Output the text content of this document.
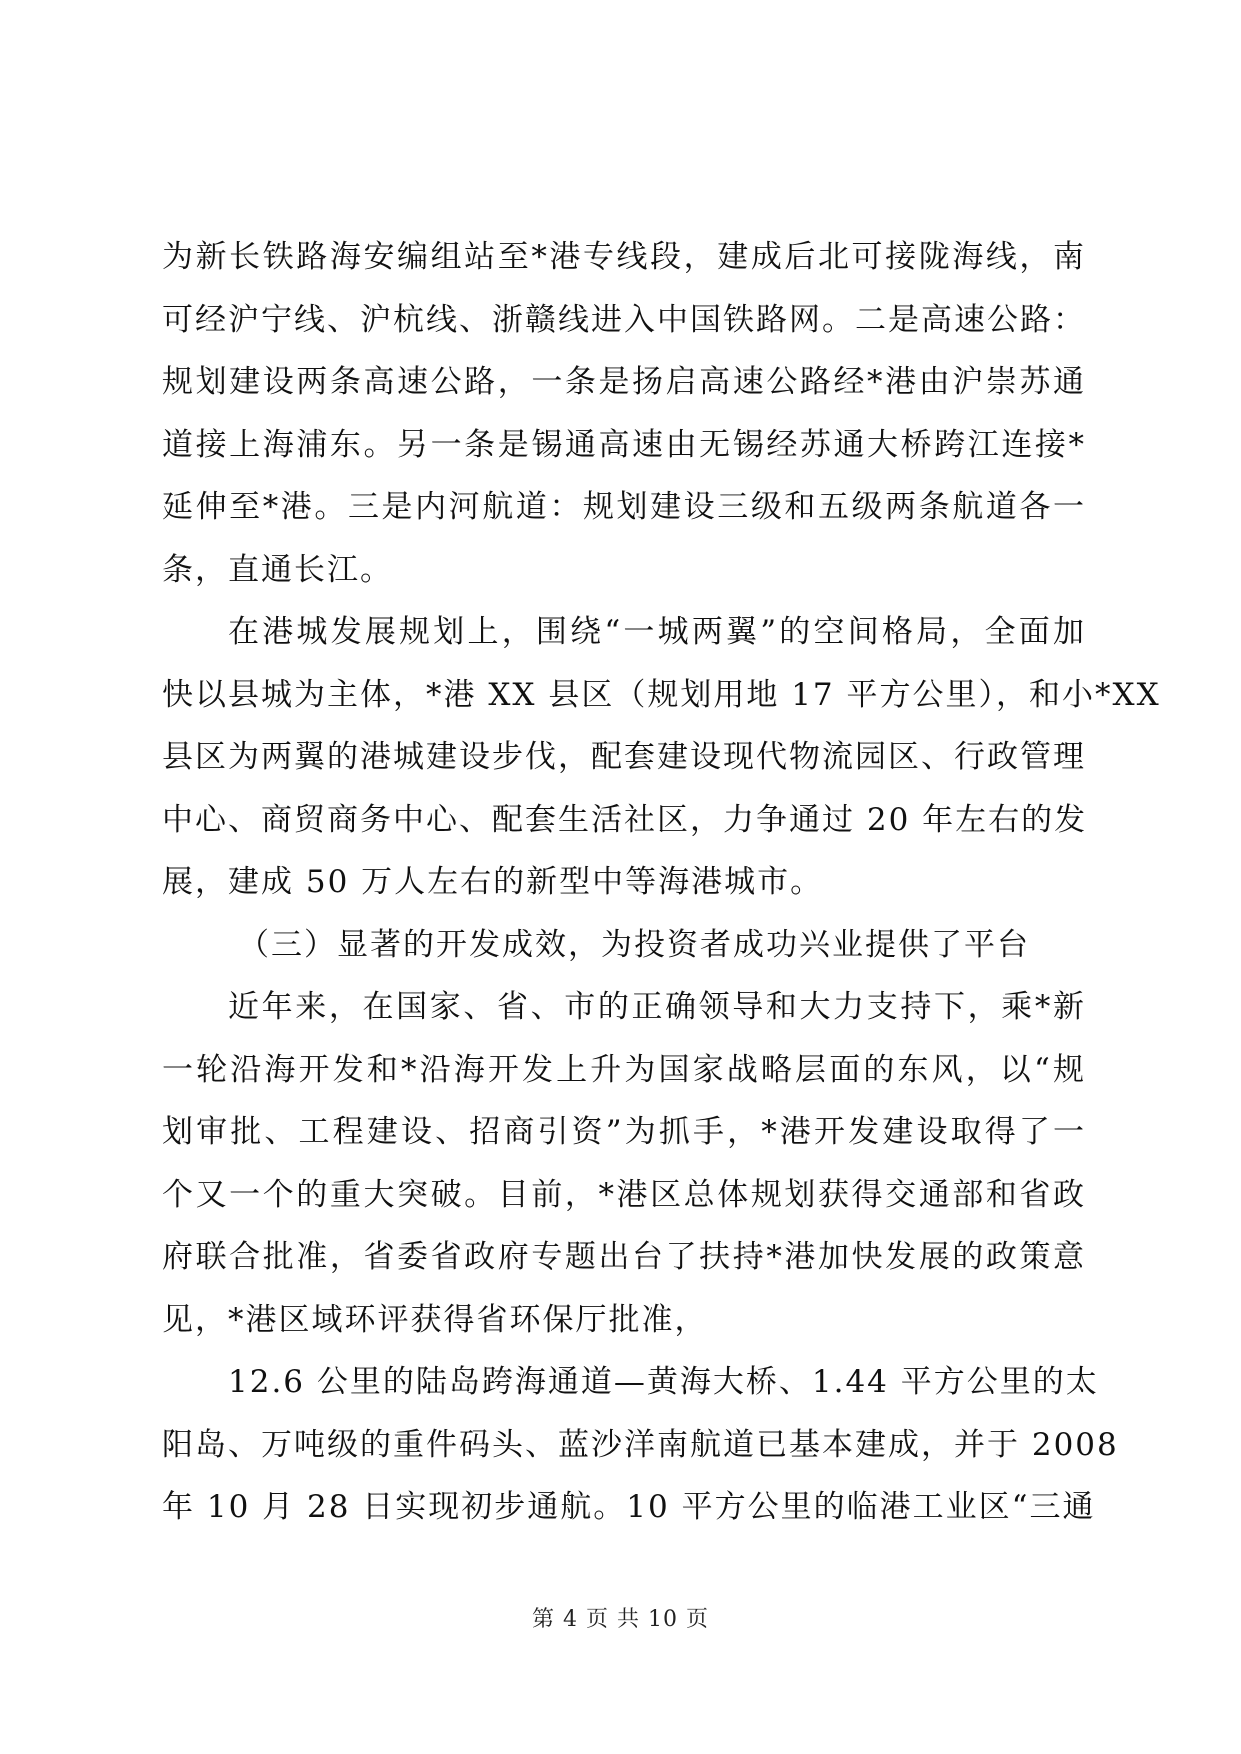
为新长铁路海安编组站至*港专线段，建成后北可接陇海线，南
可经沪宁线、沪杭线、浙赣线进入中国铁路网。二是高速公路：
规划建设两条高速公路，一条是扬启高速公路经*港由沪崇苏通
道接上海浦东。另一条是锡通高速由无锡经苏通大桥跨江连接*
延伸至*港。三是内河航道：规划建设三级和五级两条航道各一
条，直通长江。
在港城发展规划上，围绕“一城两翼”的空间格局，全面加
快以县城为主体，*港 XX 县区（规划用地 17 平方公里），和小*XX
县区为两翼的港城建设步伐，配套建设现代物流园区、行政管理
中心、商贸商务中心、配套生活社区，力争通过 20 年左右的发
展，建成 50 万人左右的新型中等海港城市。
（三）显著的开发成效，为投资者成功兴业提供了平台
近年来，在国家、省、市的正确领导和大力支持下，乘*新
一轮沿海开发和*沿海开发上升为国家战略层面的东风，以“规
划审批、工程建设、招商引资”为抓手，*港开发建设取得了一
个又一个的重大突破。目前，*港区总体规划获得交通部和省政
府联合批准，省委省政府专题出台了扶持*港加快发展的政策意
见，*港区域环评获得省环保厅批准，
12.6 公里的陆岛跨海通道—黄海大桥、1.44 平方公里的太
阳岛、万吨级的重件码头、蓝沙洋南航道已基本建成，并于 2008
年 10 月 28 日实现初步通航。10 平方公里的临港工业区“三通
第 4 页 共 10 页
